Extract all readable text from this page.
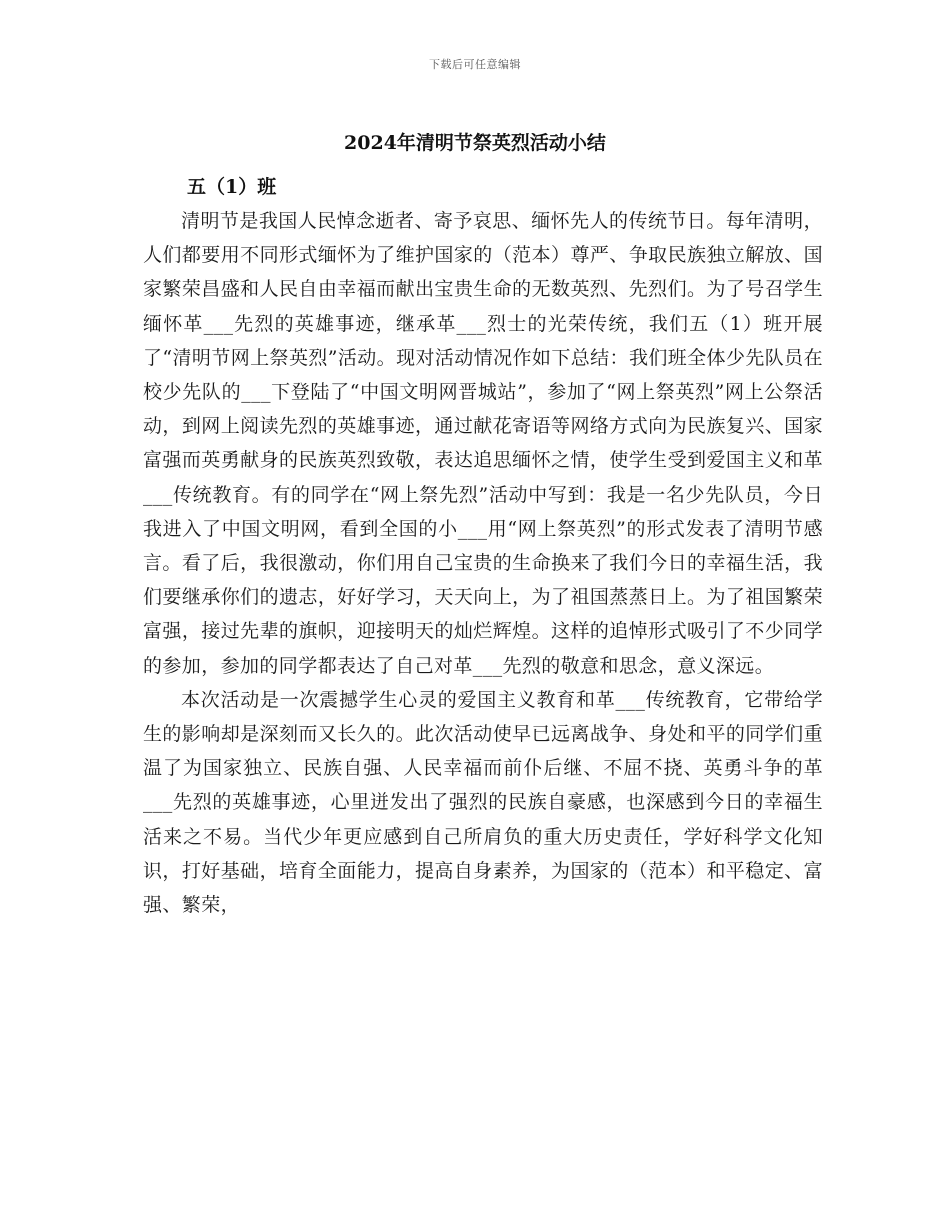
下载后可任意编辑
2024年清明节祭英烈活动小结

五（1）班

清明节是我国人民悼念逝者、寄予哀思、缅怀先人的传统节日。每年清明，人们都要用不同形式缅怀为了维护国家的（范本）尊严、争取民族独立解放、国家繁荣昌盛和人民自由幸福而献出宝贵生命的无数英烈、先烈们。为了号召学生缅怀革___先烈的英雄事迹，继承革___烈士的光荣传统，我们五（1）班开展了“清明节网上祭英烈”活动。现对活动情况作如下总结：我们班全体少先队员在校少先队的___下登陆了“中国文明网晋城站”，参加了“网上祭英烈”网上公祭活动，到网上阅读先烈的英雄事迹，通过献花寄语等网络方式向为民族复兴、国家富强而英勇献身的民族英烈致敬，表达追思缅怀之情，使学生受到爱国主义和革___传统教育。有的同学在“网上祭先烈”活动中写到：我是一名少先队员，今日我进入了中国文明网，看到全国的小___用“网上祭英烈”的形式发表了清明节感言。看了后，我很激动，你们用自己宝贵的生命换来了我们今日的幸福生活，我们要继承你们的遗志，好好学习，天天向上，为了祖国蒸蒸日上。为了祖国繁荣富强，接过先辈的旗帜，迎接明天的灿烂辉煌。这样的追悼形式吸引了不少同学的参加，参加的同学都表达了自己对革___先烈的敬意和思念，意义深远。

本次活动是一次震撼学生心灵的爱国主义教育和革___传统教育，它带给学生的影响却是深刻而又长久的。此次活动使早已远离战争、身处和平的同学们重温了为国家独立、民族自强、人民幸福而前仆后继、不屈不挠、英勇斗争的革___先烈的英雄事迹，心里迸发出了强烈的民族自豪感，也深感到今日的幸福生活来之不易。当代少年更应感到自己所肩负的重大历史责任，学好科学文化知识，打好基础，培育全面能力，提高自身素养，为国家的（范本）和平稳定、富强、繁荣，
